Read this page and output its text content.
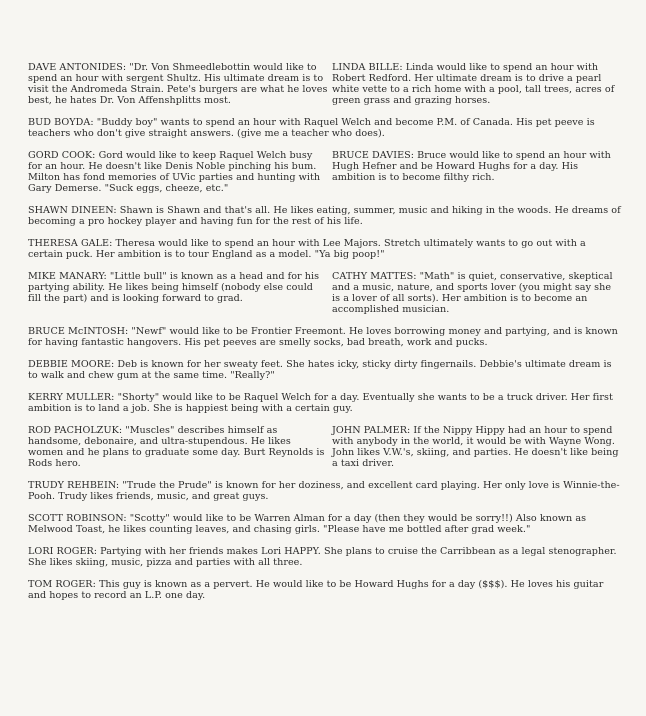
DAVE ANTONIDES: "Dr. Von Shmeedlebottin would like to spend an hour with sergent Shultz. His ultimate dream is to visit the Andromeda Strain. Pete's burgers are what he loves best, he hates Dr. Von Affenshplitts most.

LINDA BILLE: Linda would like to spend an hour with Robert Redford. Her ultimate dream is to drive a pearl white vette to a rich home with a pool, tall trees, acres of green grass and grazing horses.

BUD BOYDA: "Buddy boy" wants to spend an hour with Raquel Welch and become P.M. of Canada. His pet peeve is teachers who don't give straight answers. (give me a teacher who does).

GORD COOK: Gord would like to keep Raquel Welch busy for an hour. He doesn't like Denis Noble pinching his bum. Milton has fond memories of UVic parties and hunting with Gary Demerse. "Suck eggs, cheeze, etc."

BRUCE DAVIES: Bruce would like to spend an hour with Hugh Hefner and be Howard Hughs for a day. His ambition is to become filthy rich.

SHAWN DINEEN: Shawn is Shawn and that's all. He likes eating, summer, music and hiking in the woods. He dreams of becoming a pro hockey player and having fun for the rest of his life.

THERESA GALE: Theresa would like to spend an hour with Lee Majors. Stretch ultimately wants to go out with a certain puck. Her ambition is to tour England as a model. "Ya big poop!"

MIKE MANARY: "Little bull" is known as a head and for his partying ability. He likes being himself (nobody else could fill the part) and is looking forward to grad.

CATHY MATTES: "Math" is quiet, conservative, skeptical and a music, nature, and sports lover (you might say she is a lover of all sorts). Her ambition is to become an accomplished musician.

BRUCE McINTOSH: "Newf" would like to be Frontier Freemont. He loves borrowing money and partying, and is known for having fantastic hangovers. His pet peeves are smelly socks, bad breath, work and pucks.

DEBBIE MOORE: Deb is known for her sweaty feet. She hates icky, sticky dirty fingernails. Debbie's ultimate dream is to walk and chew gum at the same time. "Really?"

KERRY MULLER: "Shorty" would like to be Raquel Welch for a day. Eventually she wants to be a truck driver. Her first ambition is to land a job. She is happiest being with a certain guy.

ROD PACHOLZUK: "Muscles" describes himself as handsome, debonaire, and ultra-stupendous. He likes women and he plans to graduate some day. Burt Reynolds is Rods hero.

JOHN PALMER: If the Nippy Hippy had an hour to spend with anybody in the world, it would be with Wayne Wong. John likes V.W.'s, skiing, and parties. He doesn't like being a taxi driver.

TRUDY REHBEIN: "Trude the Prude" is known for her doziness, and excellent card playing. Her only love is Winnie-the-Pooh. Trudy likes friends, music, and great guys.

SCOTT ROBINSON: "Scotty" would like to be Warren Alman for a day (then they would be sorry!!) Also known as Melwood Toast, he likes counting leaves, and chasing girls. "Please have me bottled after grad week."

LORI ROGER: Partying with her friends makes Lori HAPPY. She plans to cruise the Carribbean as a legal stenographer. She likes skiing, music, pizza and parties with all three.

TOM ROGER: This guy is known as a pervert. He would like to be Howard Hughs for a day ($$$). He loves his guitar and hopes to record an L.P. one day.
